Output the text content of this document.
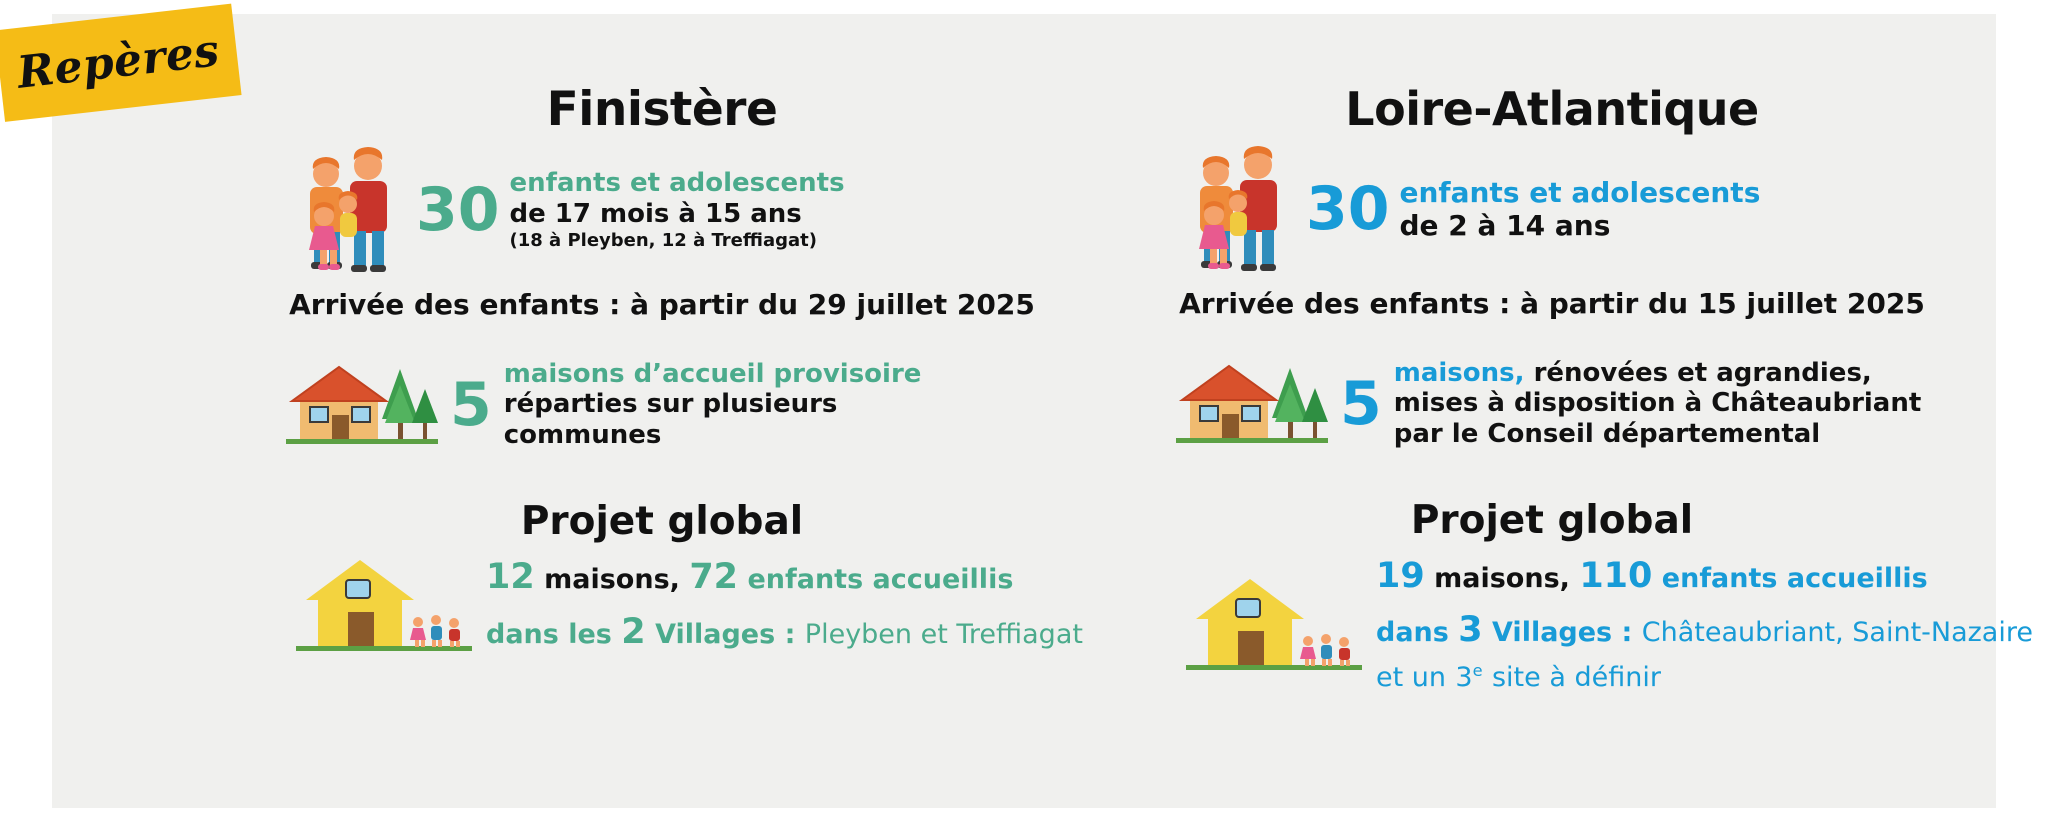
Repères
Finistère
30 enfants et adolescents
de 17 mois à 15 ans
(18 à Pleyben, 12 à Treffiagat)
Arrivée des enfants : à partir du 29 juillet 2025
5 maisons d’accueil provisoire
réparties sur plusieurs
communes
Projet global
12 maisons, 72 enfants accueillis
dans les 2 Villages : Pleyben et Treffiagat
Loire-Atlantique
30 enfants et adolescents
de 2 à 14 ans
Arrivée des enfants : à partir du 15 juillet 2025
5 maisons, rénovées et agrandies,
mises à disposition à Châteaubriant
par le Conseil départemental
Projet global
19 maisons, 110 enfants accueillis
dans 3 Villages : Châteaubriant, Saint-Nazaire
et un 3e site à définir
